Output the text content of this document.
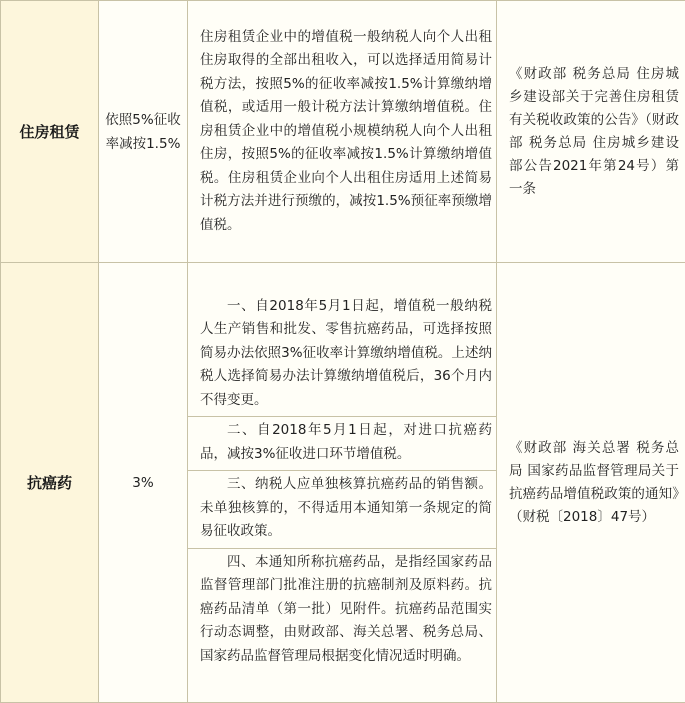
住房租赁	依照5%征收率减按1.5%	住房租赁企业中的增值税一般纳税人向个人出租住房取得的全部出租收入，可以选择适用简易计税方法，按照5%的征收率减按1.5%计算缴纳增值税，或适用一般计税方法计算缴纳增值税。住房租赁企业中的增值税小规模纳税人向个人出租住房，按照5%的征收率减按1.5%计算缴纳增值税。住房租赁企业向个人出租住房适用上述简易计税方法并进行预缴的，减按1.5%预征率预缴增值税。	《财政部 税务总局 住房城乡建设部关于完善住房租赁有关税收政策的公告》（财政部 税务总局 住房城乡建设部公告2021年第24号）第一条
抗癌药	3%	一、自2018年5月1日起，增值税一般纳税人生产销售和批发、零售抗癌药品，可选择按照简易办法依照3%征收率计算缴纳增值税。上述纳税人选择简易办法计算缴纳增值税后，36个月内不得变更。
二、自2018年5月1日起，对进口抗癌药品，减按3%征收进口环节增值税。
三、纳税人应单独核算抗癌药品的销售额。未单独核算的，不得适用本通知第一条规定的简易征收政策。
四、本通知所称抗癌药品，是指经国家药品监督管理部门批准注册的抗癌制剂及原料药。抗癌药品清单（第一批）见附件。抗癌药品范围实行动态调整，由财政部、海关总署、税务总局、国家药品监督管理局根据变化情况适时明确。	《财政部 海关总署 税务总局 国家药品监督管理局关于抗癌药品增值税政策的通知》（财税〔2018〕47号）
